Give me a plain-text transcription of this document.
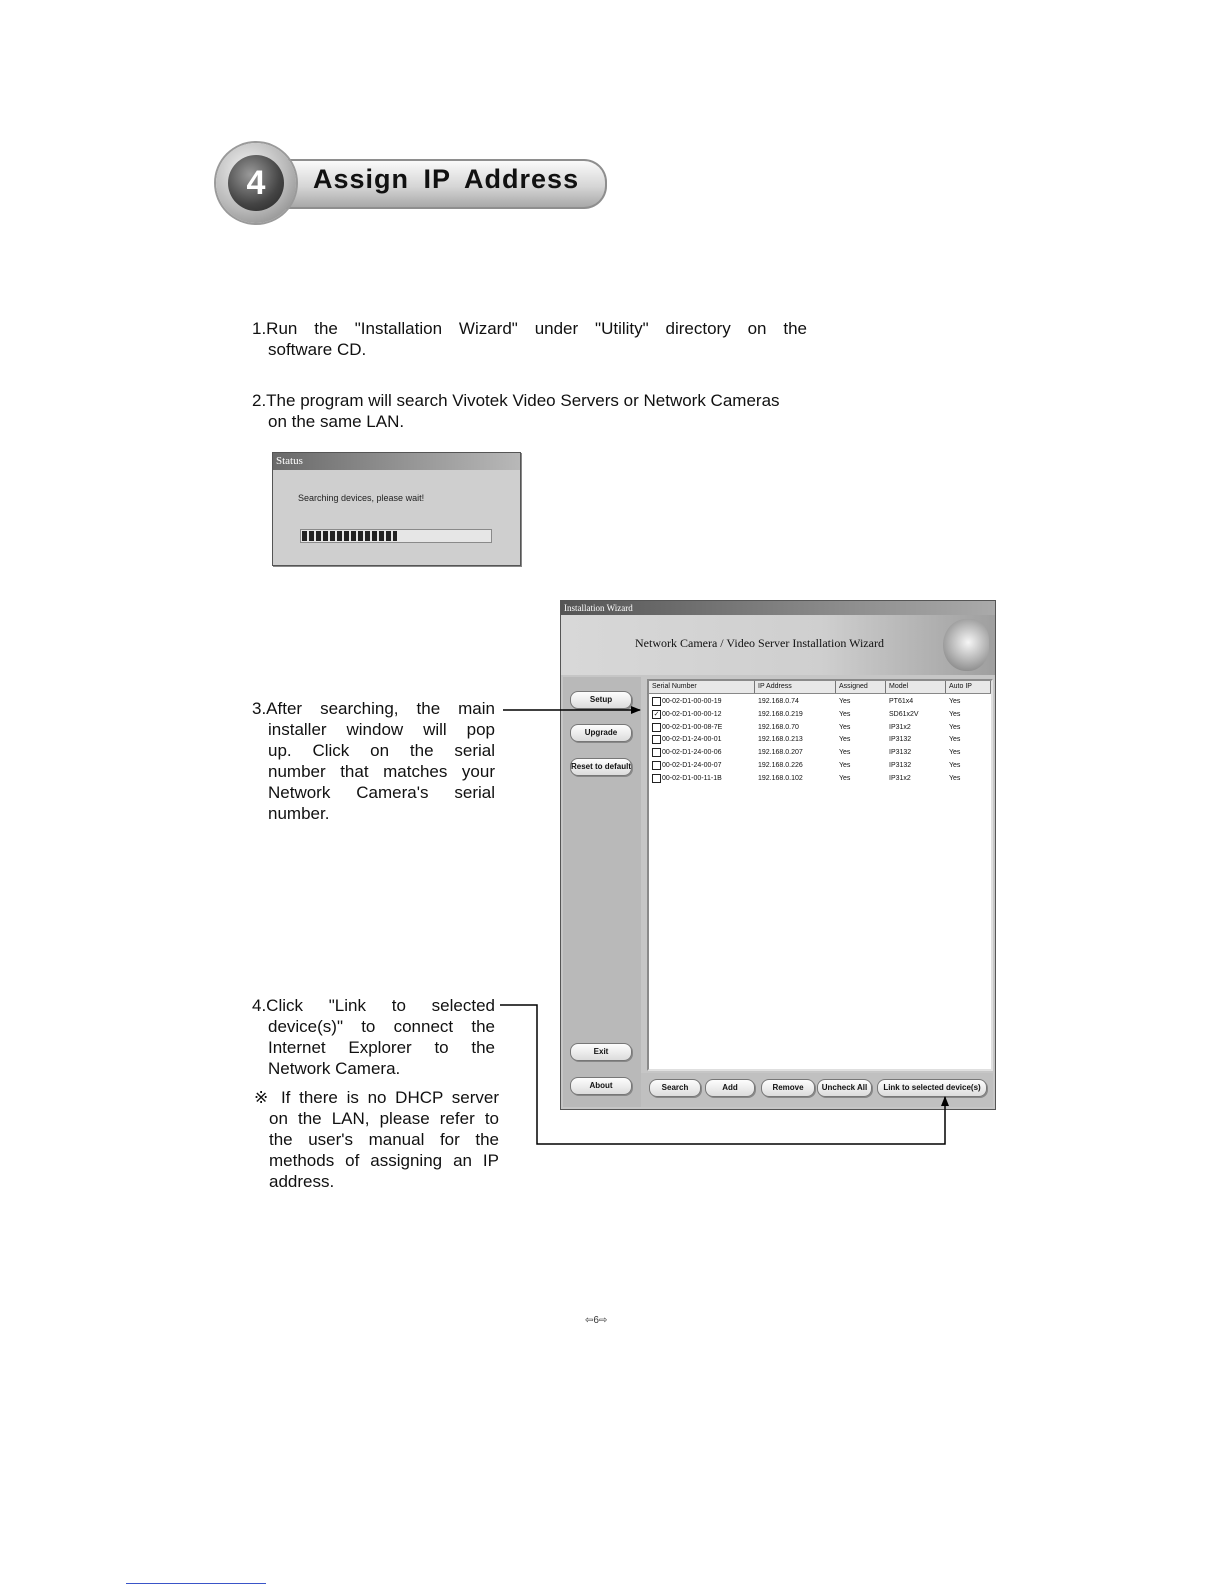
4	Assign IP Address
1.Run the "Installation Wizard" under "Utility" directory on the
software CD.
2.The program will search Vivotek Video Servers or Network Cameras
on the same LAN.
Status
Searching devices, please wait!
3.After searching, the main
installer window will pop
up. Click on the serial
number that matches your
Network Camera's serial
number.
4.Click "Link to selected
device(s)" to connect the
Internet Explorer to the
Network Camera.
※ If there is no DHCP server
on the LAN, please refer to
the user's manual for the
methods of assigning an IP
address.
Installation Wizard
Network Camera / Video Server Installation Wizard
Setup
Upgrade
Reset to default
Exit
About
Serial Number	IP Address	Assigned	Model	Auto IP
00-02-D1-00-00-19	192.168.0.74	Yes	PT61x4	Yes
✓ 00-02-D1-00-00-12	192.168.0.219	Yes	SD61x2V	Yes
00-02-D1-00-08-7E	192.168.0.70	Yes	IP31x2	Yes
00-02-D1-24-00-01	192.168.0.213	Yes	IP3132	Yes
00-02-D1-24-00-06	192.168.0.207	Yes	IP3132	Yes
00-02-D1-24-00-07	192.168.0.226	Yes	IP3132	Yes
00-02-D1-00-11-1B	192.168.0.102	Yes	IP31x2	Yes
Search	Add	Remove	Uncheck All	Link to selected device(s)
⇦6⇨
